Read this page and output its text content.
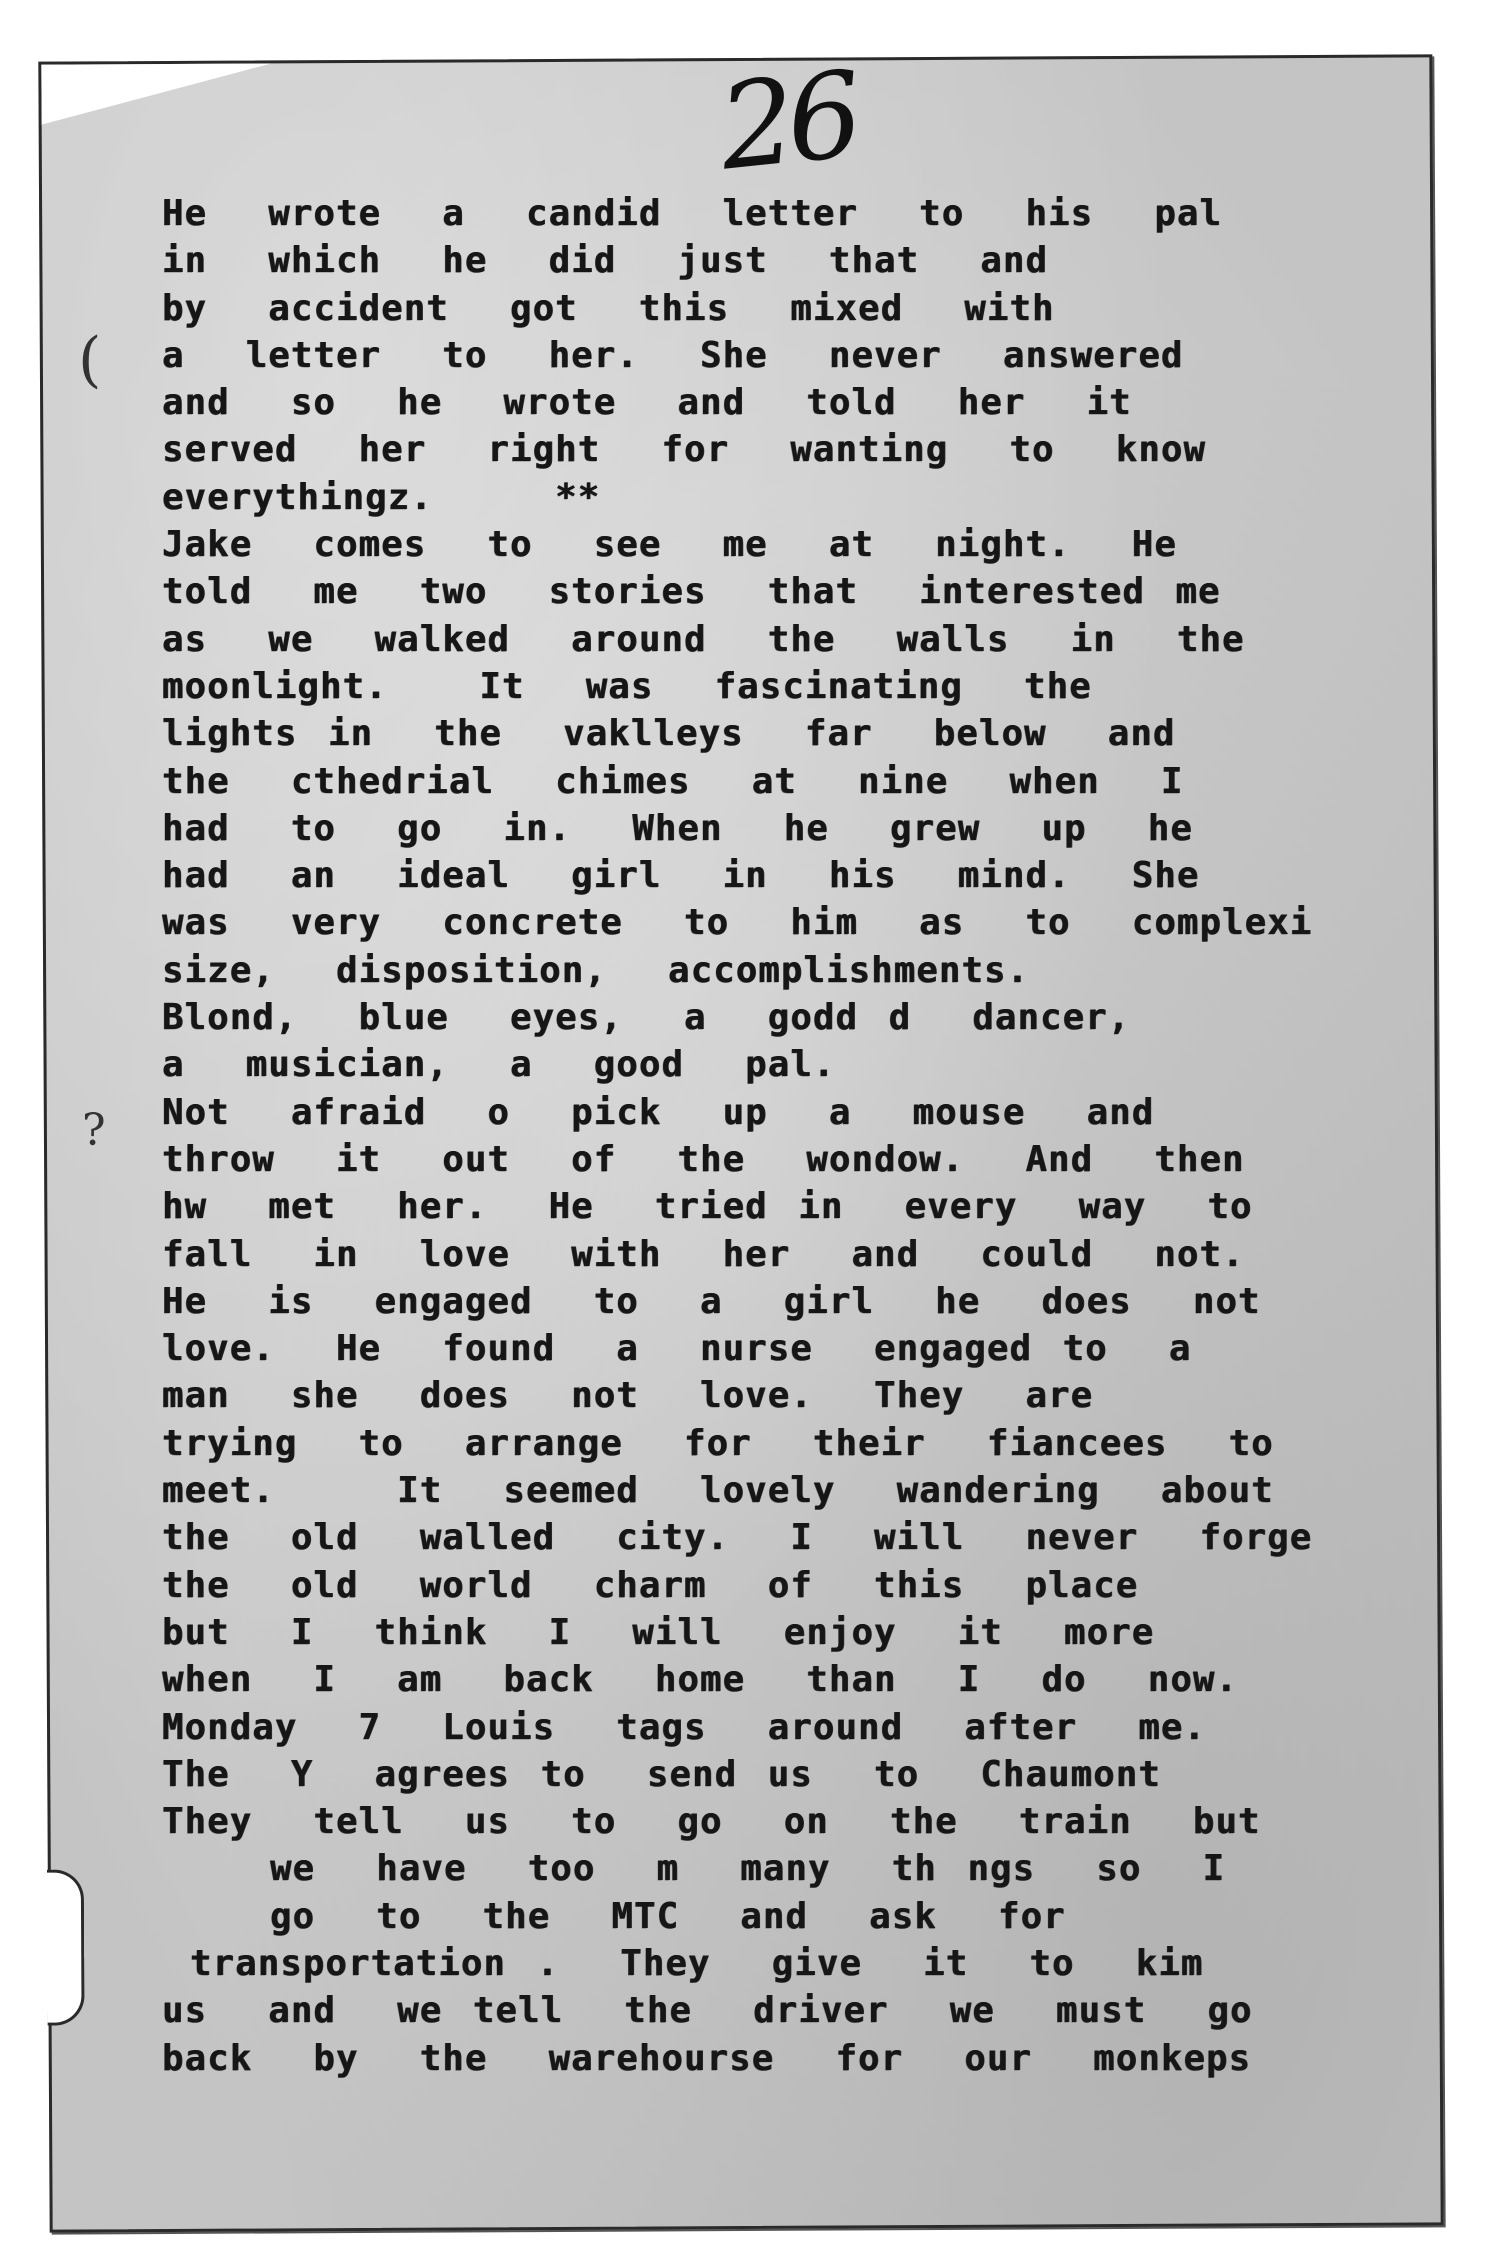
26
(
?
He  wrote  a  candid  letter  to  his  pal
in  which  he  did  just  that  and
by  accident  got  this  mixed  with
a  letter  to  her.  She  never  answered
and  so  he  wrote  and  told  her  it
served  her  right  for  wanting  to  know
everythingz.    **
Jake  comes  to  see  me  at  night.  He
told  me  two  stories  that  interested me
as  we  walked  around  the  walls  in  the
moonlight.   It  was  fascinating  the
lights in  the  vaklleys  far  below  and
the  cthedrial  chimes  at  nine  when  I
had  to  go  in.  When  he  grew  up  he
had  an  ideal  girl  in  his  mind.  She
was  very  concrete  to  him  as  to  complexi
size,  disposition,  accomplishments.
Blond,  blue  eyes,  a  godd d  dancer,
a  musician,  a  good  pal.
Not  afraid  o  pick  up  a  mouse  and
throw  it  out  of  the  wondow.  And  then
hw  met  her.  He  tried in  every  way  to
fall  in  love  with  her  and  could  not.
He  is  engaged  to  a  girl  he  does  not
love.  He  found  a  nurse  engaged to  a
man  she  does  not  love.  They  are
trying  to  arrange  for  their  fiancees  to
meet.    It  seemed  lovely  wandering  about
the  old  walled  city.  I  will  never  forge
the  old  world  charm  of  this  place
but  I  think  I  will  enjoy  it  more
when  I  am  back  home  than  I  do  now.
Monday  7  Louis  tags  around  after  me.
The  Y  agrees to  send us  to  Chaumont
They  tell  us  to  go  on  the  train  but
we  have  too  m  many  th ngs  so  I
go  to  the  MTC  and  ask  for
transportation .  They  give  it  to  kim
us  and  we tell  the  driver  we  must  go
back  by  the  warehourse  for  our  monkeps
